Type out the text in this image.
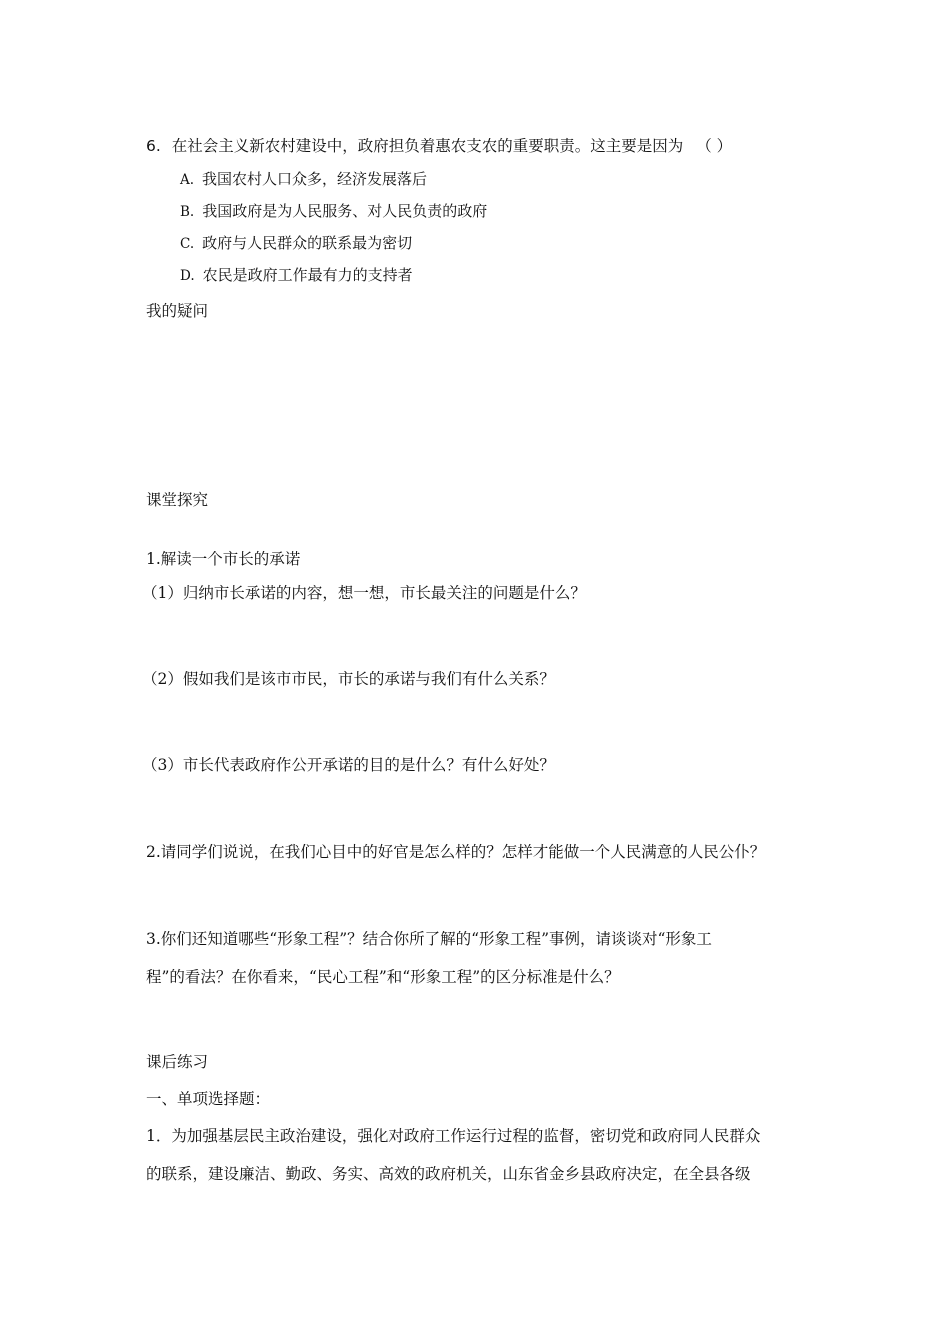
6. 在社会主义新农村建设中，政府担负着惠农支农的重要职责。这主要是因为 （ ）
A. 我国农村人口众多，经济发展落后
B. 我国政府是为人民服务、对人民负责的政府
C. 政府与人民群众的联系最为密切
D. 农民是政府工作最有力的支持者
我的疑问
课堂探究
1.解读一个市长的承诺
（1）归纳市长承诺的内容，想一想，市长最关注的问题是什么？
（2）假如我们是该市市民，市长的承诺与我们有什么关系？
（3）市长代表政府作公开承诺的目的是什么？有什么好处？
2.请同学们说说，在我们心目中的好官是怎么样的？怎样才能做一个人民满意的人民公仆？
3.你们还知道哪些“形象工程”？结合你所了解的“形象工程”事例，请谈谈对“形象工
程”的看法？在你看来，“民心工程”和“形象工程”的区分标准是什么？
课后练习
一、单项选择题：
1．为加强基层民主政治建设，强化对政府工作运行过程的监督，密切党和政府同人民群众
的联系，建设廉洁、勤政、务实、高效的政府机关，山东省金乡县政府决定，在全县各级
